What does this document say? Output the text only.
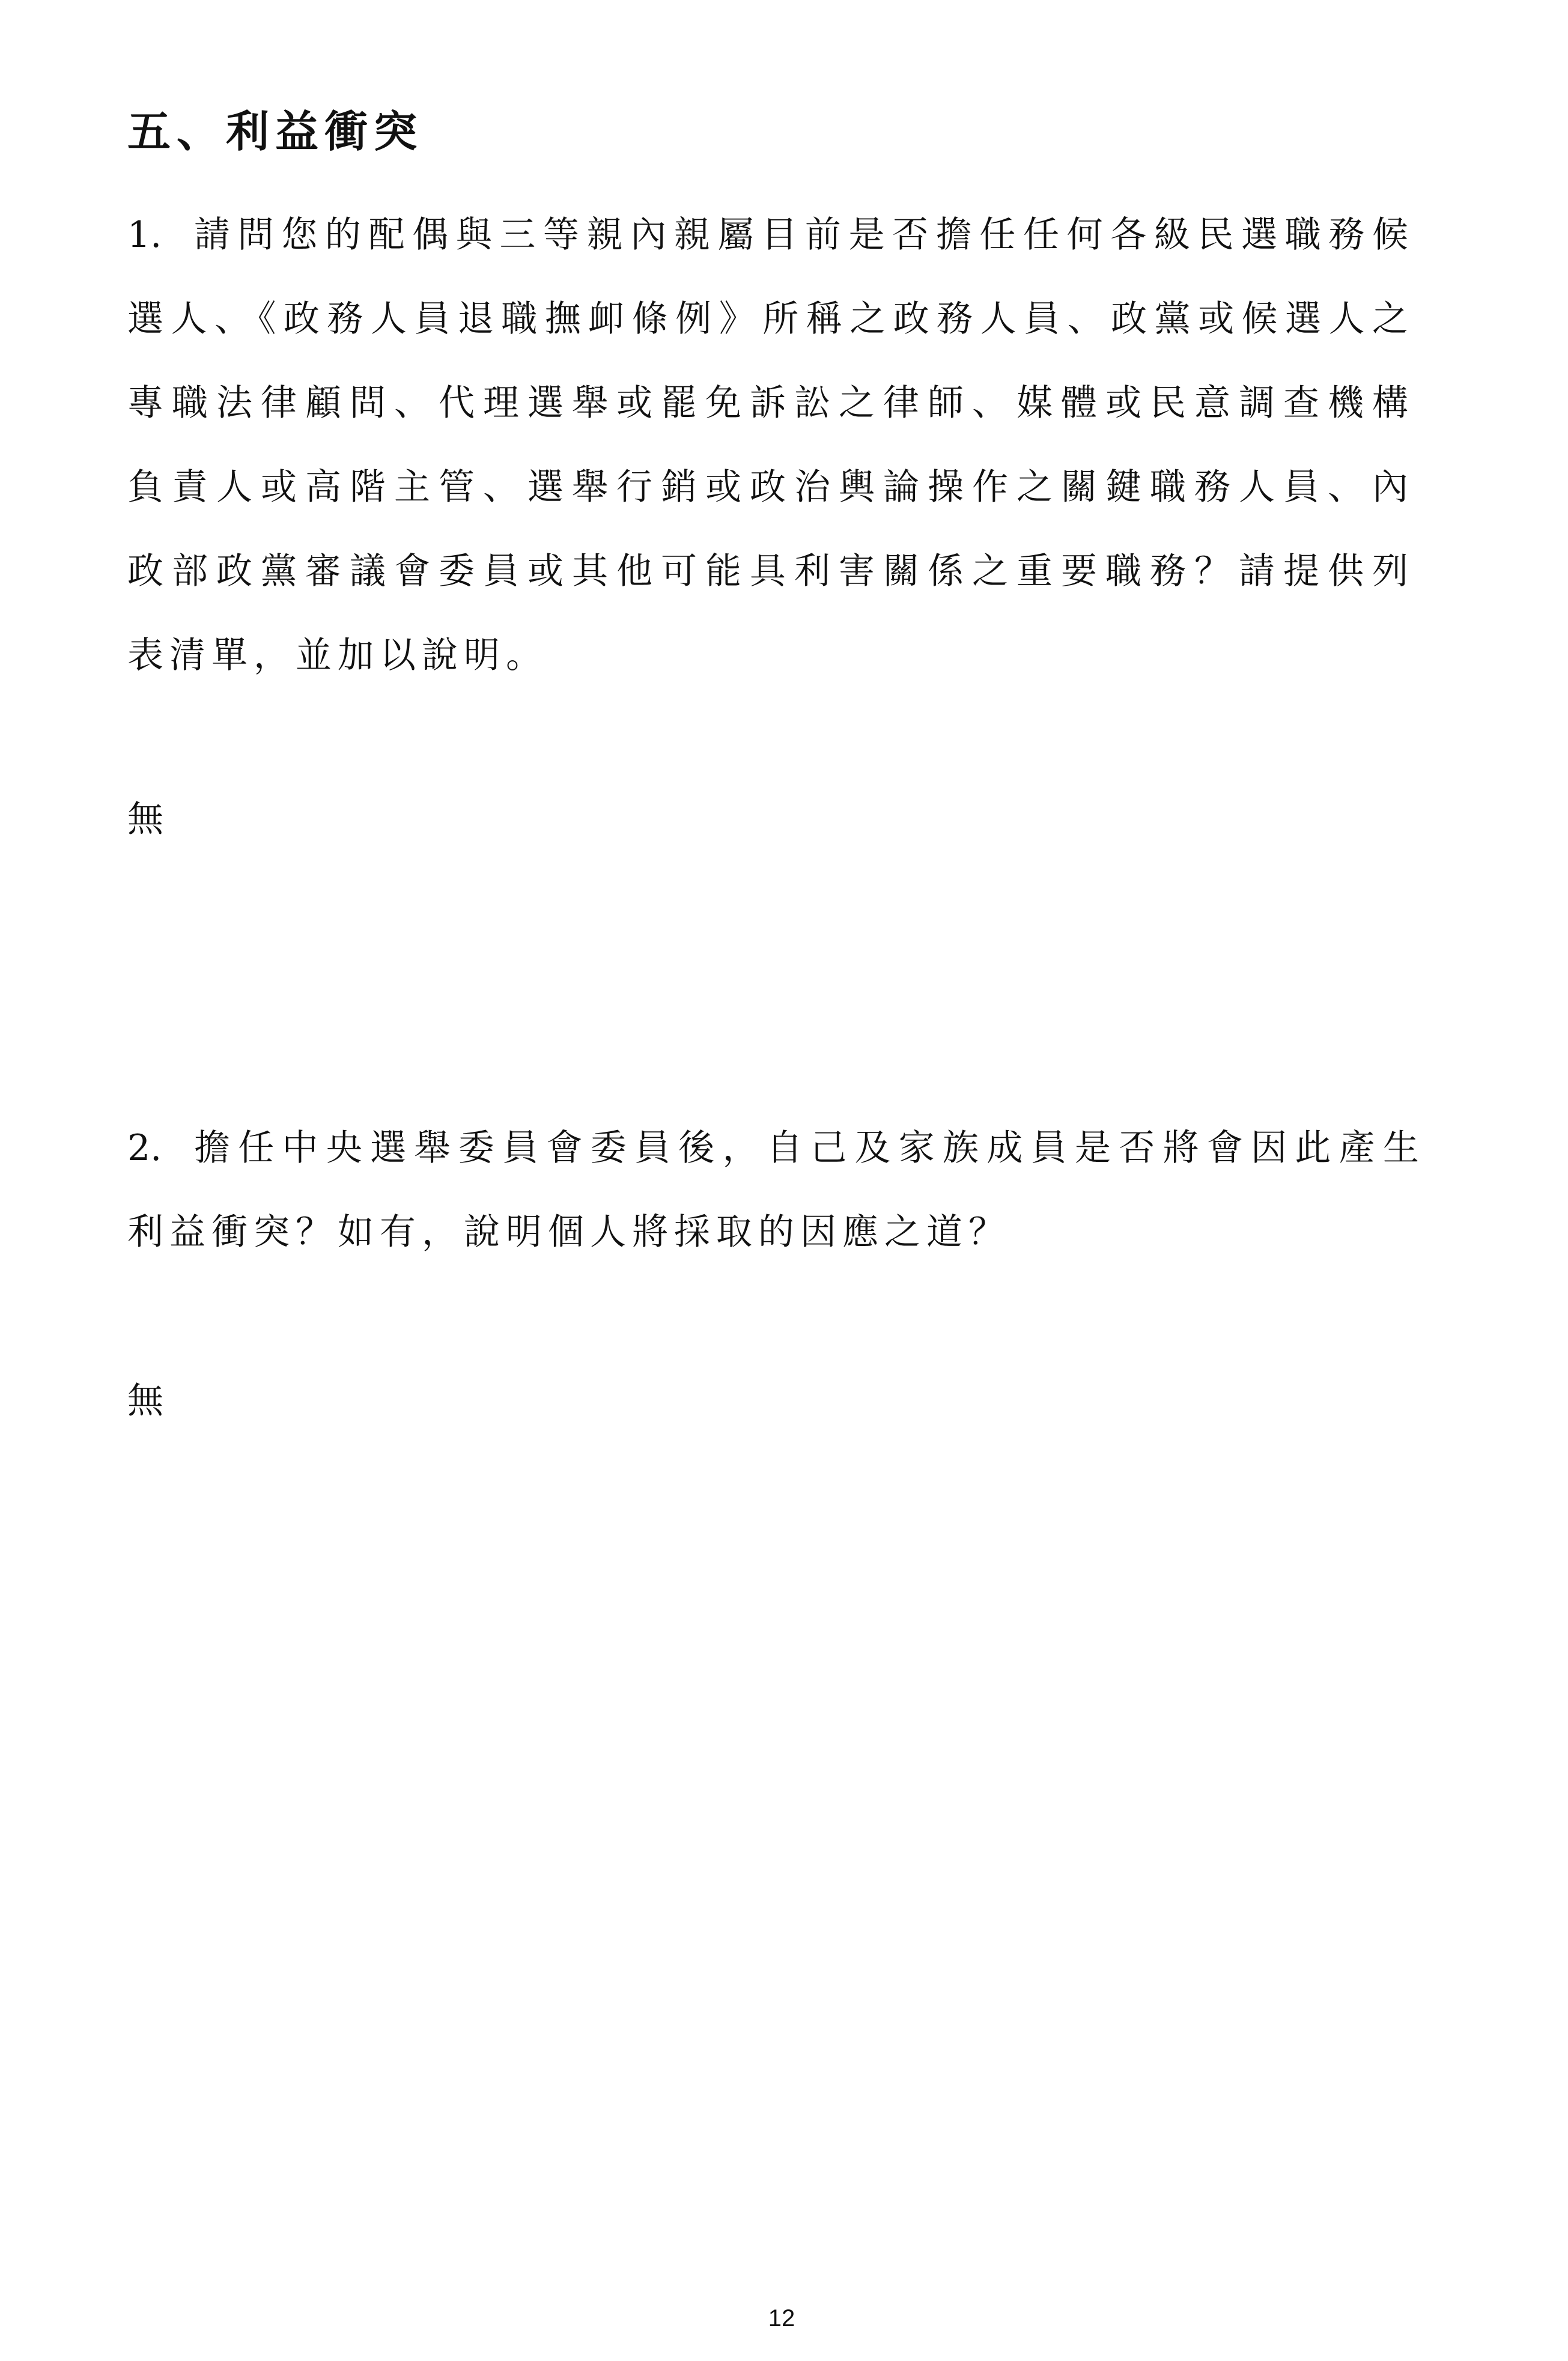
五、利益衝突
1. 請問您的配偶與三等親內親屬目前是否擔任任何各級民選職務候
選人、《政務人員退職撫卹條例》所稱之政務人員、政黨或候選人之
專職法律顧問、代理選舉或罷免訴訟之律師、媒體或民意調查機構
負責人或高階主管、選舉行銷或政治輿論操作之關鍵職務人員、內
政部政黨審議會委員或其他可能具利害關係之重要職務？請提供列
表清單，並加以說明。
無
2. 擔任中央選舉委員會委員後，自己及家族成員是否將會因此產生
利益衝突？如有，說明個人將採取的因應之道？
無
12
